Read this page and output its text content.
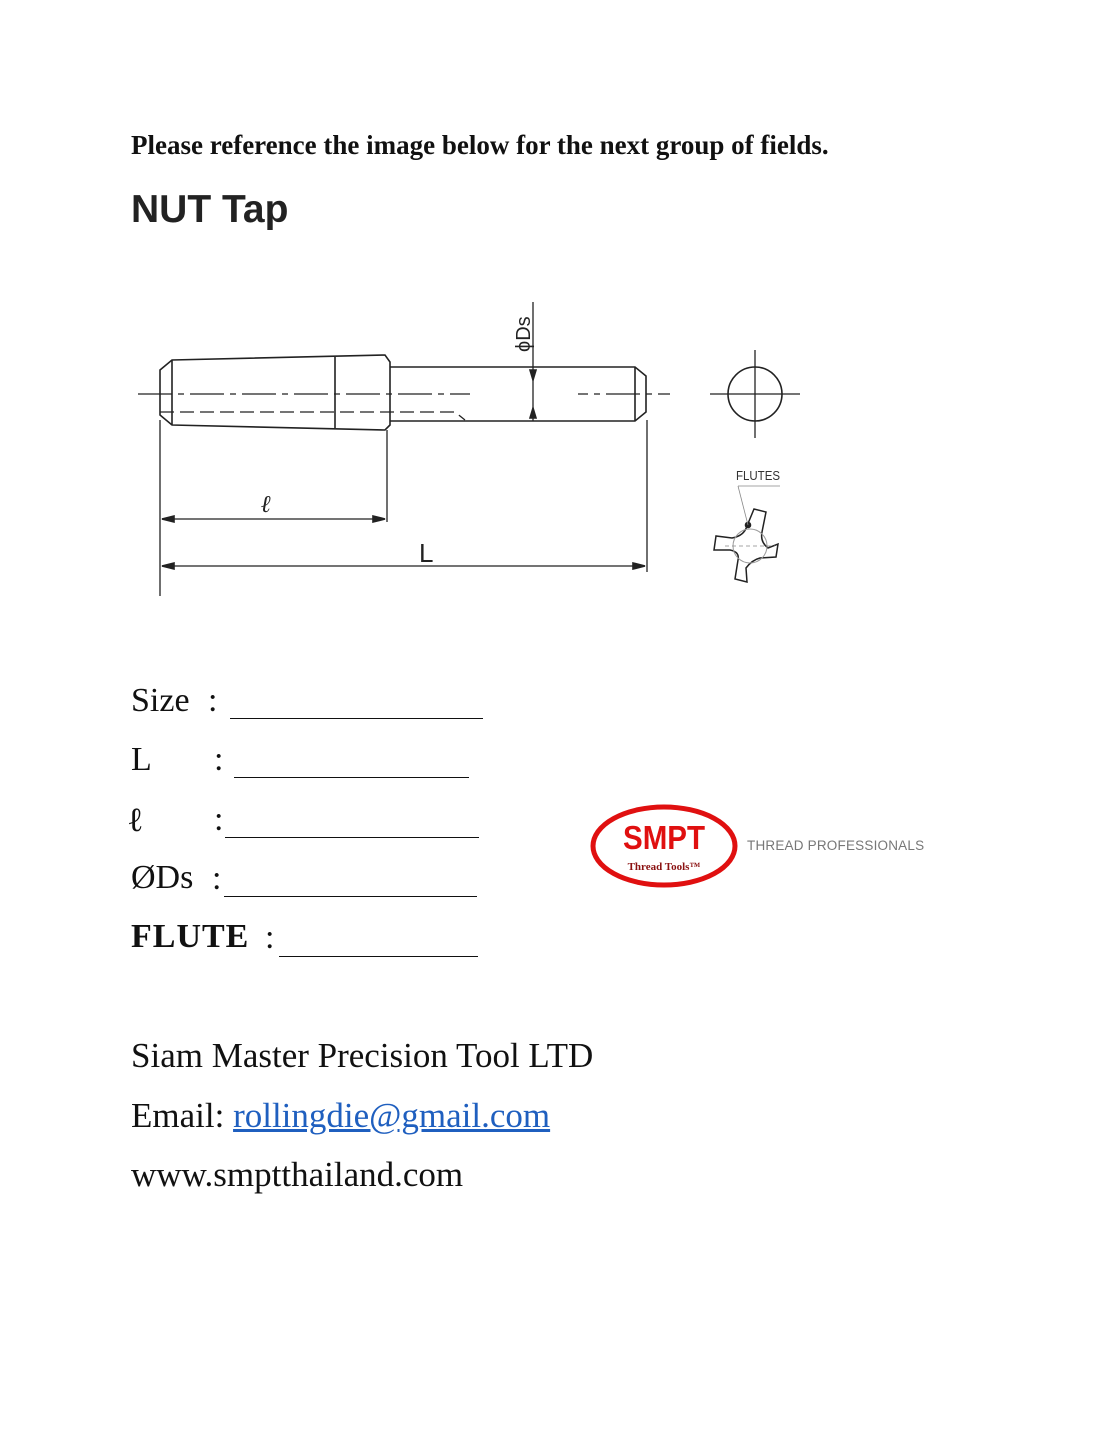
Please reference the image below for the next group of fields.
NUT Tap
ϕDs
ℓ
L
FLUTES
Size :
L :
ℓ :
ØDs :
FLUTE :
SMPT
Thread Tools™
THREAD PROFESSIONALS
Siam Master Precision Tool LTD
Email: rollingdie@gmail.com
www.smptthailand.com
